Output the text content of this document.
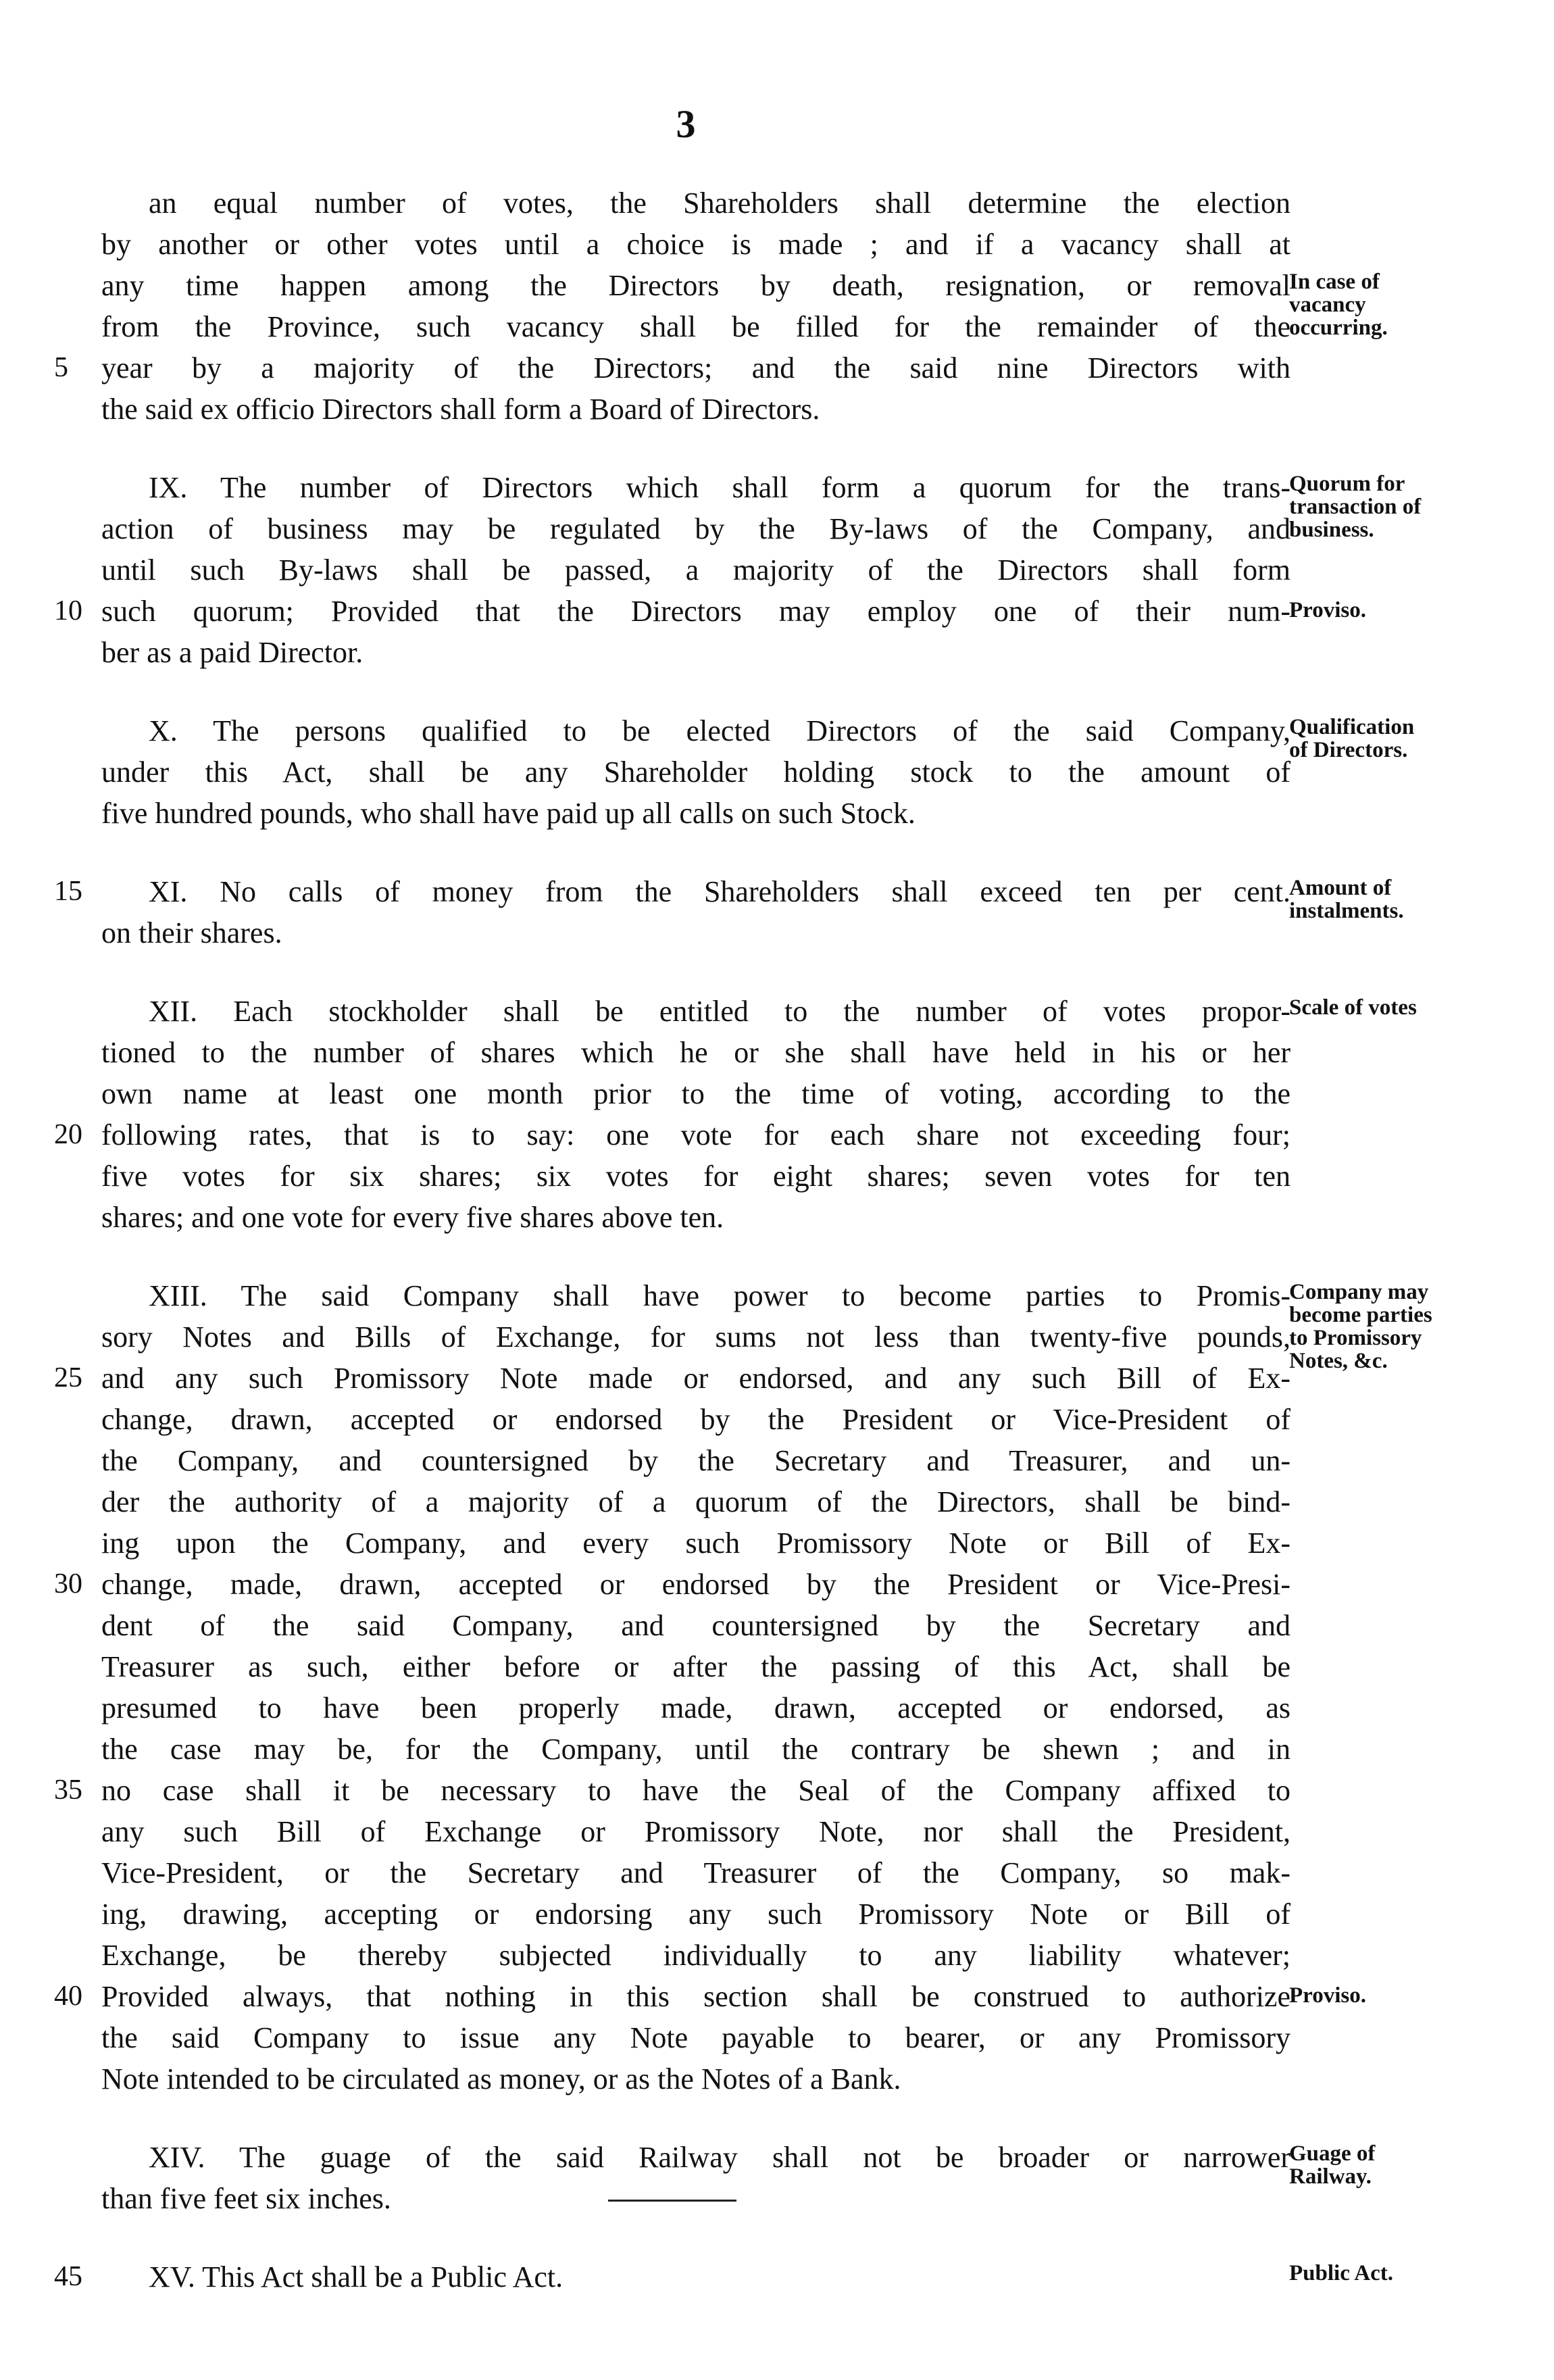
3
an equal number of votes, the Shareholders shall determine the election
by another or other votes until a choice is made ; and if a vacancy shall at
any time happen among the Directors by death, resignation, or removal
from the Province, such vacancy shall be filled for the remainder of the
5	year by a majority of the Directors; and the said nine Directors with
the said ex officio Directors shall form a Board of Directors.
IX. The number of Directors which shall form a quorum for the trans-
action of business may be regulated by the By-laws of the Company, and
until such By-laws shall be passed, a majority of the Directors shall form
10 such quorum; Provided that the Directors may employ one of their num-
ber as a paid Director.
X. The persons qualified to be elected Directors of the said Company,
under this Act, shall be any Shareholder holding stock to the amount of
five hundred pounds, who shall have paid up all calls on such Stock.
15	XI. No calls of money from the Shareholders shall exceed ten per cent.
on their shares.
XII. Each stockholder shall be entitled to the number of votes propor-
tioned to the number of shares which he or she shall have held in his or her
own name at least one month prior to the time of voting, according to the
20 following rates, that is to say: one vote for each share not exceeding four;
five votes for six shares; six votes for eight shares; seven votes for ten
shares; and one vote for every five shares above ten.
XIII. The said Company shall have power to become parties to Promis-
sory Notes and Bills of Exchange, for sums not less than twenty-five pounds,
25 and any such Promissory Note made or endorsed, and any such Bill of Ex-
change, drawn, accepted or endorsed by the President or Vice-President of
the Company, and countersigned by the Secretary and Treasurer, and un-
der the authority of a majority of a quorum of the Directors, shall be bind-
ing upon the Company, and every such Promissory Note or Bill of Ex-
30 change, made, drawn, accepted or endorsed by the President or Vice-Presi-
dent of the said Company, and countersigned by the Secretary and
Treasurer as such, either before or after the passing of this Act, shall be
presumed to have been properly made, drawn, accepted or endorsed, as
the case may be, for the Company, until the contrary be shewn ; and in
35 no case shall it be necessary to have the Seal of the Company affixed to
any such Bill of Exchange or Promissory Note, nor shall the President,
Vice-President, or the Secretary and Treasurer of the Company, so mak-
ing, drawing, accepting or endorsing any such Promissory Note or Bill of
Exchange, be thereby subjected individually to any liability whatever;
40 Provided always, that nothing in this section shall be construed to authorize
the said Company to issue any Note payable to bearer, or any Promissory
Note intended to be circulated as money, or as the Notes of a Bank.
XIV. The guage of the said Railway shall not be broader or narrower
than five feet six inches.
45	XV. This Act shall be a Public Act.
In case of
vacancy
occurring.
Quorum for
transaction of
business.
Proviso.
Qualification
of Directors.
Amount of
instalments.
Scale of votes
Company may
become parties
to Promissory
Notes, &c.
Proviso.
Guage of
Railway.
Public Act.
